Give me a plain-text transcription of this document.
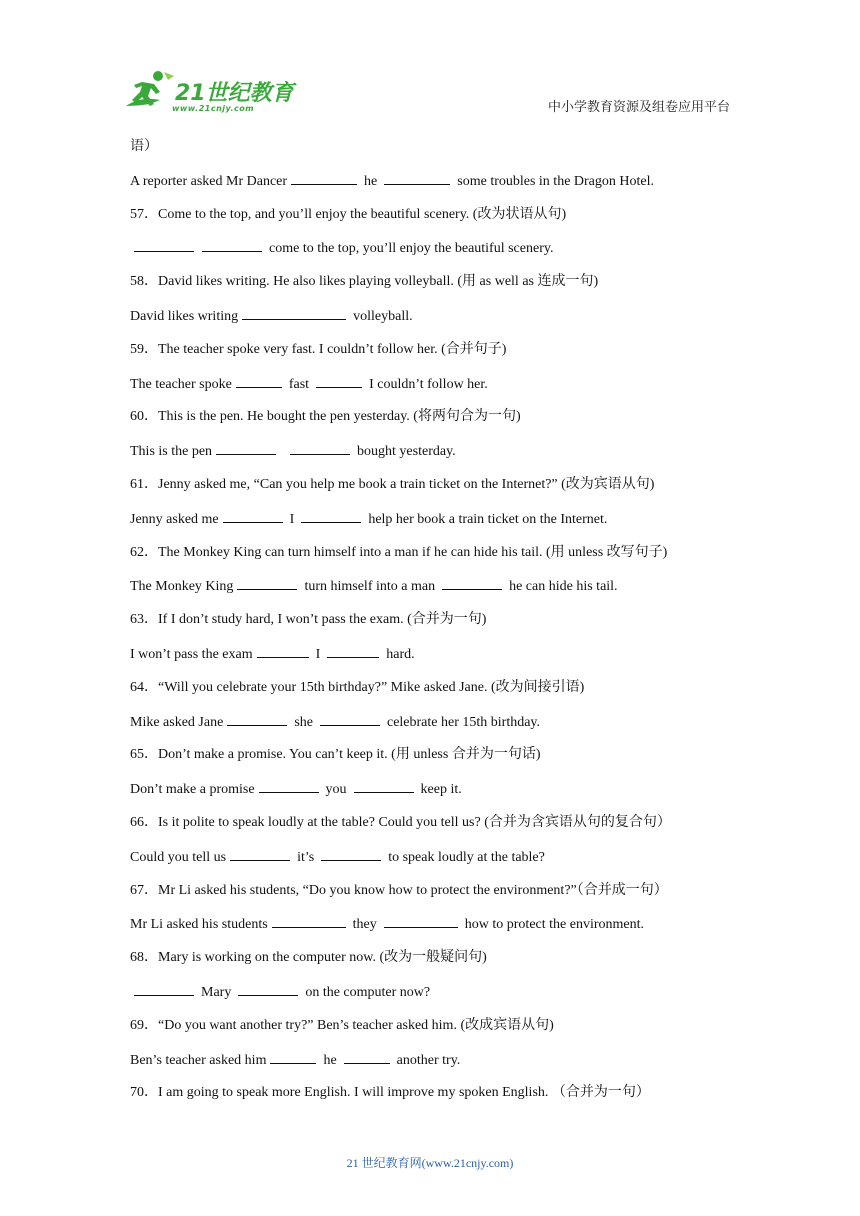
21世纪教育
www.21cnjy.com	中小学教育资源及组卷应用平台
语）
A reporter asked Mr Dancer	he	some troubles in the Dragon Hotel.
57．Come to the top, and you’ll enjoy the beautiful scenery. (改为状语从句)
come to the top, you’ll enjoy the beautiful scenery.
58．David likes writing. He also likes playing volleyball. (用 as well as 连成一句)
David likes writing	volleyball.
59．The teacher spoke very fast. I couldn’t follow her. (合并句子)
The teacher spoke	fast	I couldn’t follow her.
60．This is the pen. He bought the pen yesterday. (将两句合为一句)
This is the pen	bought yesterday.
61．Jenny asked me, “Can you help me book a train ticket on the Internet?” (改为宾语从句)
Jenny asked me	I	help her book a train ticket on the Internet.
62．The Monkey King can turn himself into a man if he can hide his tail. (用 unless 改写句子)
The Monkey King	turn himself into a man	he can hide his tail.
63．If I don’t study hard, I won’t pass the exam. (合并为一句)
I won’t pass the exam	I	hard.
64．“Will you celebrate your 15th birthday?” Mike asked Jane. (改为间接引语)
Mike asked Jane	she	celebrate her 15th birthday.
65．Don’t make a promise. You can’t keep it. (用 unless 合并为一句话)
Don’t make a promise	you	keep it.
66．Is it polite to speak loudly at the table? Could you tell us? (合并为含宾语从句的复合句）
Could you tell us	it’s	to speak loudly at the table?
67．Mr Li asked his students, “Do you know how to protect the environment?”（合并成一句）
Mr Li asked his students	they	how to protect the environment.
68．Mary is working on the computer now. (改为一般疑问句)
Mary	on the computer now?
69．“Do you want another try?” Ben’s teacher asked him. (改成宾语从句)
Ben’s teacher asked him	he	another try.
70．I am going to speak more English. I will improve my spoken English. （合并为一句）
21 世纪教育网(www.21cnjy.com)
